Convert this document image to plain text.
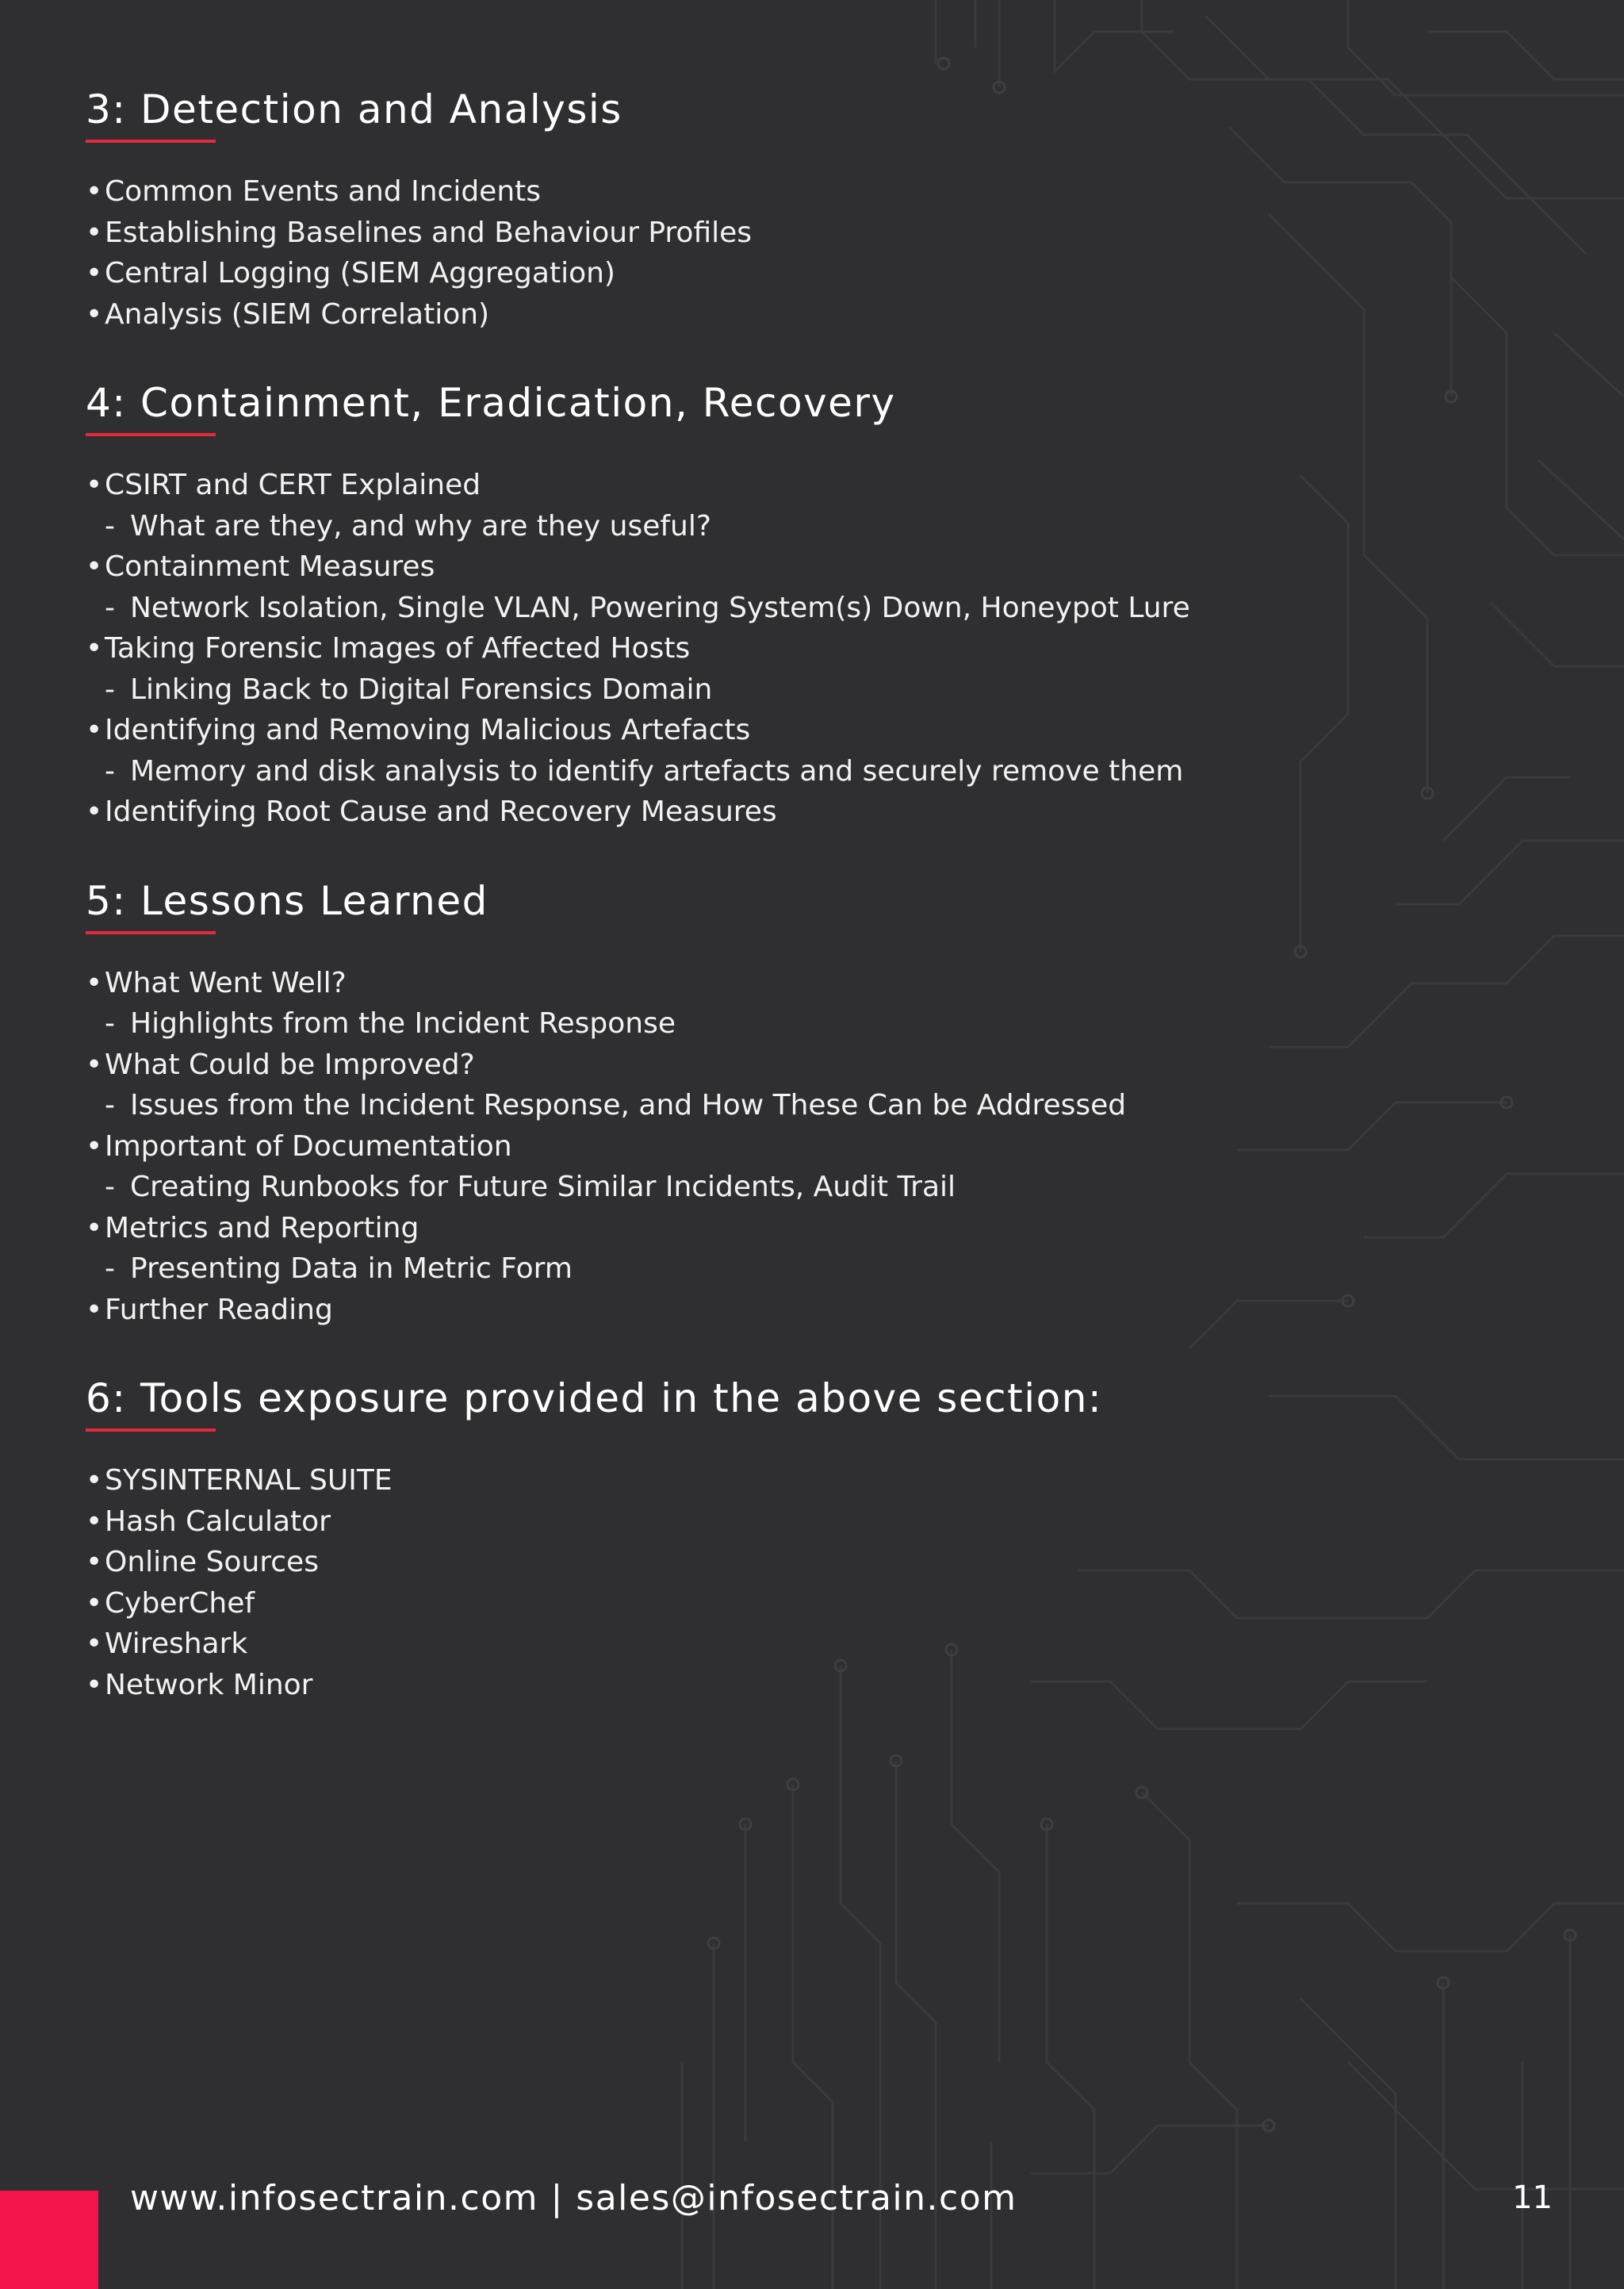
3: Detection and Analysis
•Common Events and Incidents
•Establishing Baselines and Behaviour Profiles
•Central Logging (SIEM Aggregation)
•Analysis (SIEM Correlation)
4: Containment, Eradication, Recovery
•CSIRT and CERT Explained
- What are they, and why are they useful?
•Containment Measures
- Network Isolation, Single VLAN, Powering System(s) Down, Honeypot Lure
•Taking Forensic Images of Affected Hosts
- Linking Back to Digital Forensics Domain
•Identifying and Removing Malicious Artefacts
- Memory and disk analysis to identify artefacts and securely remove them
•Identifying Root Cause and Recovery Measures
5: Lessons Learned
•What Went Well?
- Highlights from the Incident Response
•What Could be Improved?
- Issues from the Incident Response, and How These Can be Addressed
•Important of Documentation
- Creating Runbooks for Future Similar Incidents, Audit Trail
•Metrics and Reporting
- Presenting Data in Metric Form
•Further Reading
6: Tools exposure provided in the above section:
•SYSINTERNAL SUITE
•Hash Calculator
•Online Sources
•CyberChef
•Wireshark
•Network Minor
www.infosectrain.com | sales@infosectrain.com	11
